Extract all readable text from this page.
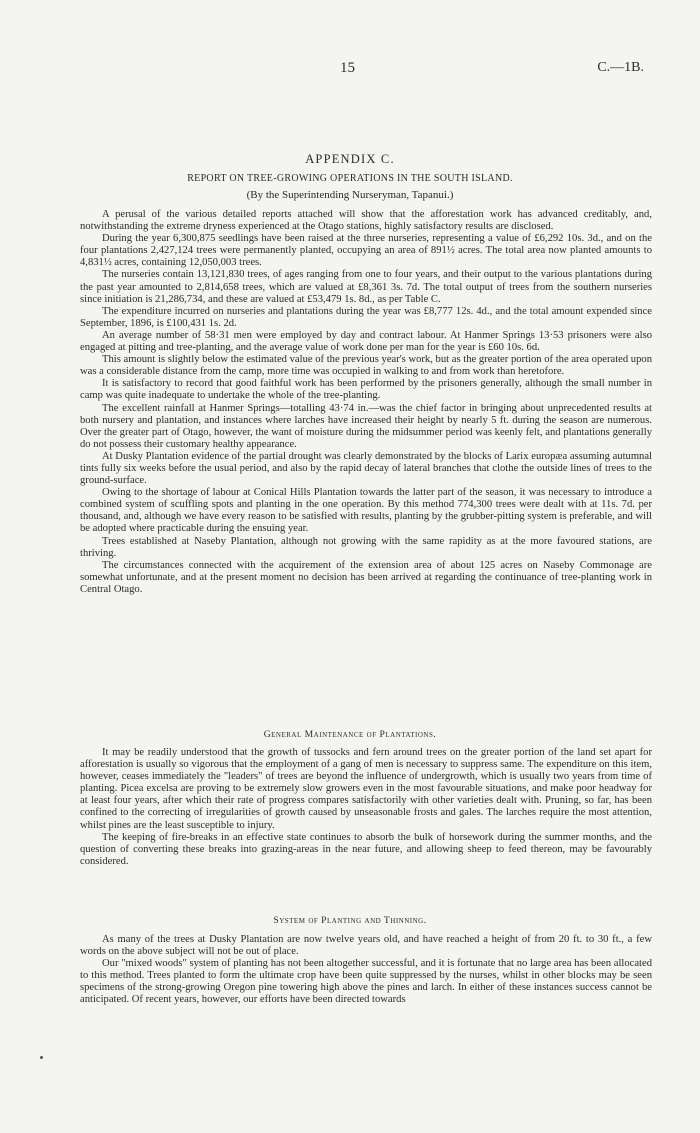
15	C.—1B.
APPENDIX C.
REPORT ON TREE-GROWING OPERATIONS IN THE SOUTH ISLAND.
(By the Superintending Nurseryman, Tapanui.)

A perusal of the various detailed reports attached will show that the afforestation work has advanced creditably, and, notwithstanding the extreme dryness experienced at the Otago stations, highly satisfactory results are disclosed.

During the year 6,300,875 seedlings have been raised at the three nurseries, representing a value of £6,292 10s. 3d., and on the four plantations 2,427,124 trees were permanently planted, occupying an area of 891½ acres. The total area now planted amounts to 4,831½ acres, containing 12,050,003 trees.

The nurseries contain 13,121,830 trees, of ages ranging from one to four years, and their output to the various plantations during the past year amounted to 2,814,658 trees, which are valued at £8,361 3s. 7d. The total output of trees from the southern nurseries since initiation is 21,286,734, and these are valued at £53,479 1s. 8d., as per Table C.

The expenditure incurred on nurseries and plantations during the year was £8,777 12s. 4d., and the total amount expended since September, 1896, is £100,431 1s. 2d.

An average number of 58·31 men were employed by day and contract labour. At Hanmer Springs 13·53 prisoners were also engaged at pitting and tree-planting, and the average value of work done per man for the year is £60 10s. 6d.

This amount is slightly below the estimated value of the previous year's work, but as the greater portion of the area operated upon was a considerable distance from the camp, more time was occupied in walking to and from work than heretofore.

It is satisfactory to record that good faithful work has been performed by the prisoners generally, although the small number in camp was quite inadequate to undertake the whole of the tree-planting.

The excellent rainfall at Hanmer Springs—totalling 43·74 in.—was the chief factor in bringing about unprecedented results at both nursery and plantation, and instances where larches have increased their height by nearly 5 ft. during the season are numerous. Over the greater part of Otago, however, the want of moisture during the midsummer period was keenly felt, and plantations generally do not possess their customary healthy appearance.

At Dusky Plantation evidence of the partial drought was clearly demonstrated by the blocks of Larix europæa assuming autumnal tints fully six weeks before the usual period, and also by the rapid decay of lateral branches that clothe the outside lines of trees to the ground-surface.

Owing to the shortage of labour at Conical Hills Plantation towards the latter part of the season, it was necessary to introduce a combined system of scuffling spots and planting in the one operation. By this method 774,300 trees were dealt with at 11s. 7d. per thousand, and, although we have every reason to be satisfied with results, planting by the grubber-pitting system is preferable, and will be adopted where practicable during the ensuing year.

Trees established at Naseby Plantation, although not growing with the same rapidity as at the more favoured stations, are thriving.

The circumstances connected with the acquirement of the extension area of about 125 acres on Naseby Commonage are somewhat unfortunate, and at the present moment no decision has been arrived at regarding the continuance of tree-planting work in Central Otago.

General Maintenance of Plantations.

It may be readily understood that the growth of tussocks and fern around trees on the greater portion of the land set apart for afforestation is usually so vigorous that the employment of a gang of men is necessary to suppress same. The expenditure on this item, however, ceases immediately the "leaders" of trees are beyond the influence of undergrowth, which is usually two years from time of planting. Picea excelsa are proving to be extremely slow growers even in the most favourable situations, and make poor headway for at least four years, after which their rate of progress compares satisfactorily with other varieties dealt with. Pruning, so far, has been confined to the correcting of irregularities of growth caused by unseasonable frosts and gales. The larches require the most attention, whilst pines are the least susceptible to injury.

The keeping of fire-breaks in an effective state continues to absorb the bulk of horsework during the summer months, and the question of converting these breaks into grazing-areas in the near future, and allowing sheep to feed thereon, may be favourably considered.

System of Planting and Thinning.

As many of the trees at Dusky Plantation are now twelve years old, and have reached a height of from 20 ft. to 30 ft., a few words on the above subject will not be out of place.

Our "mixed woods" system of planting has not been altogether successful, and it is fortunate that no large area has been allocated to this method. Trees planted to form the ultimate crop have been quite suppressed by the nurses, whilst in other blocks may be seen specimens of the strong-growing Oregon pine towering high above the pines and larch. In either of these instances success cannot be anticipated. Of recent years, however, our efforts have been directed towards
